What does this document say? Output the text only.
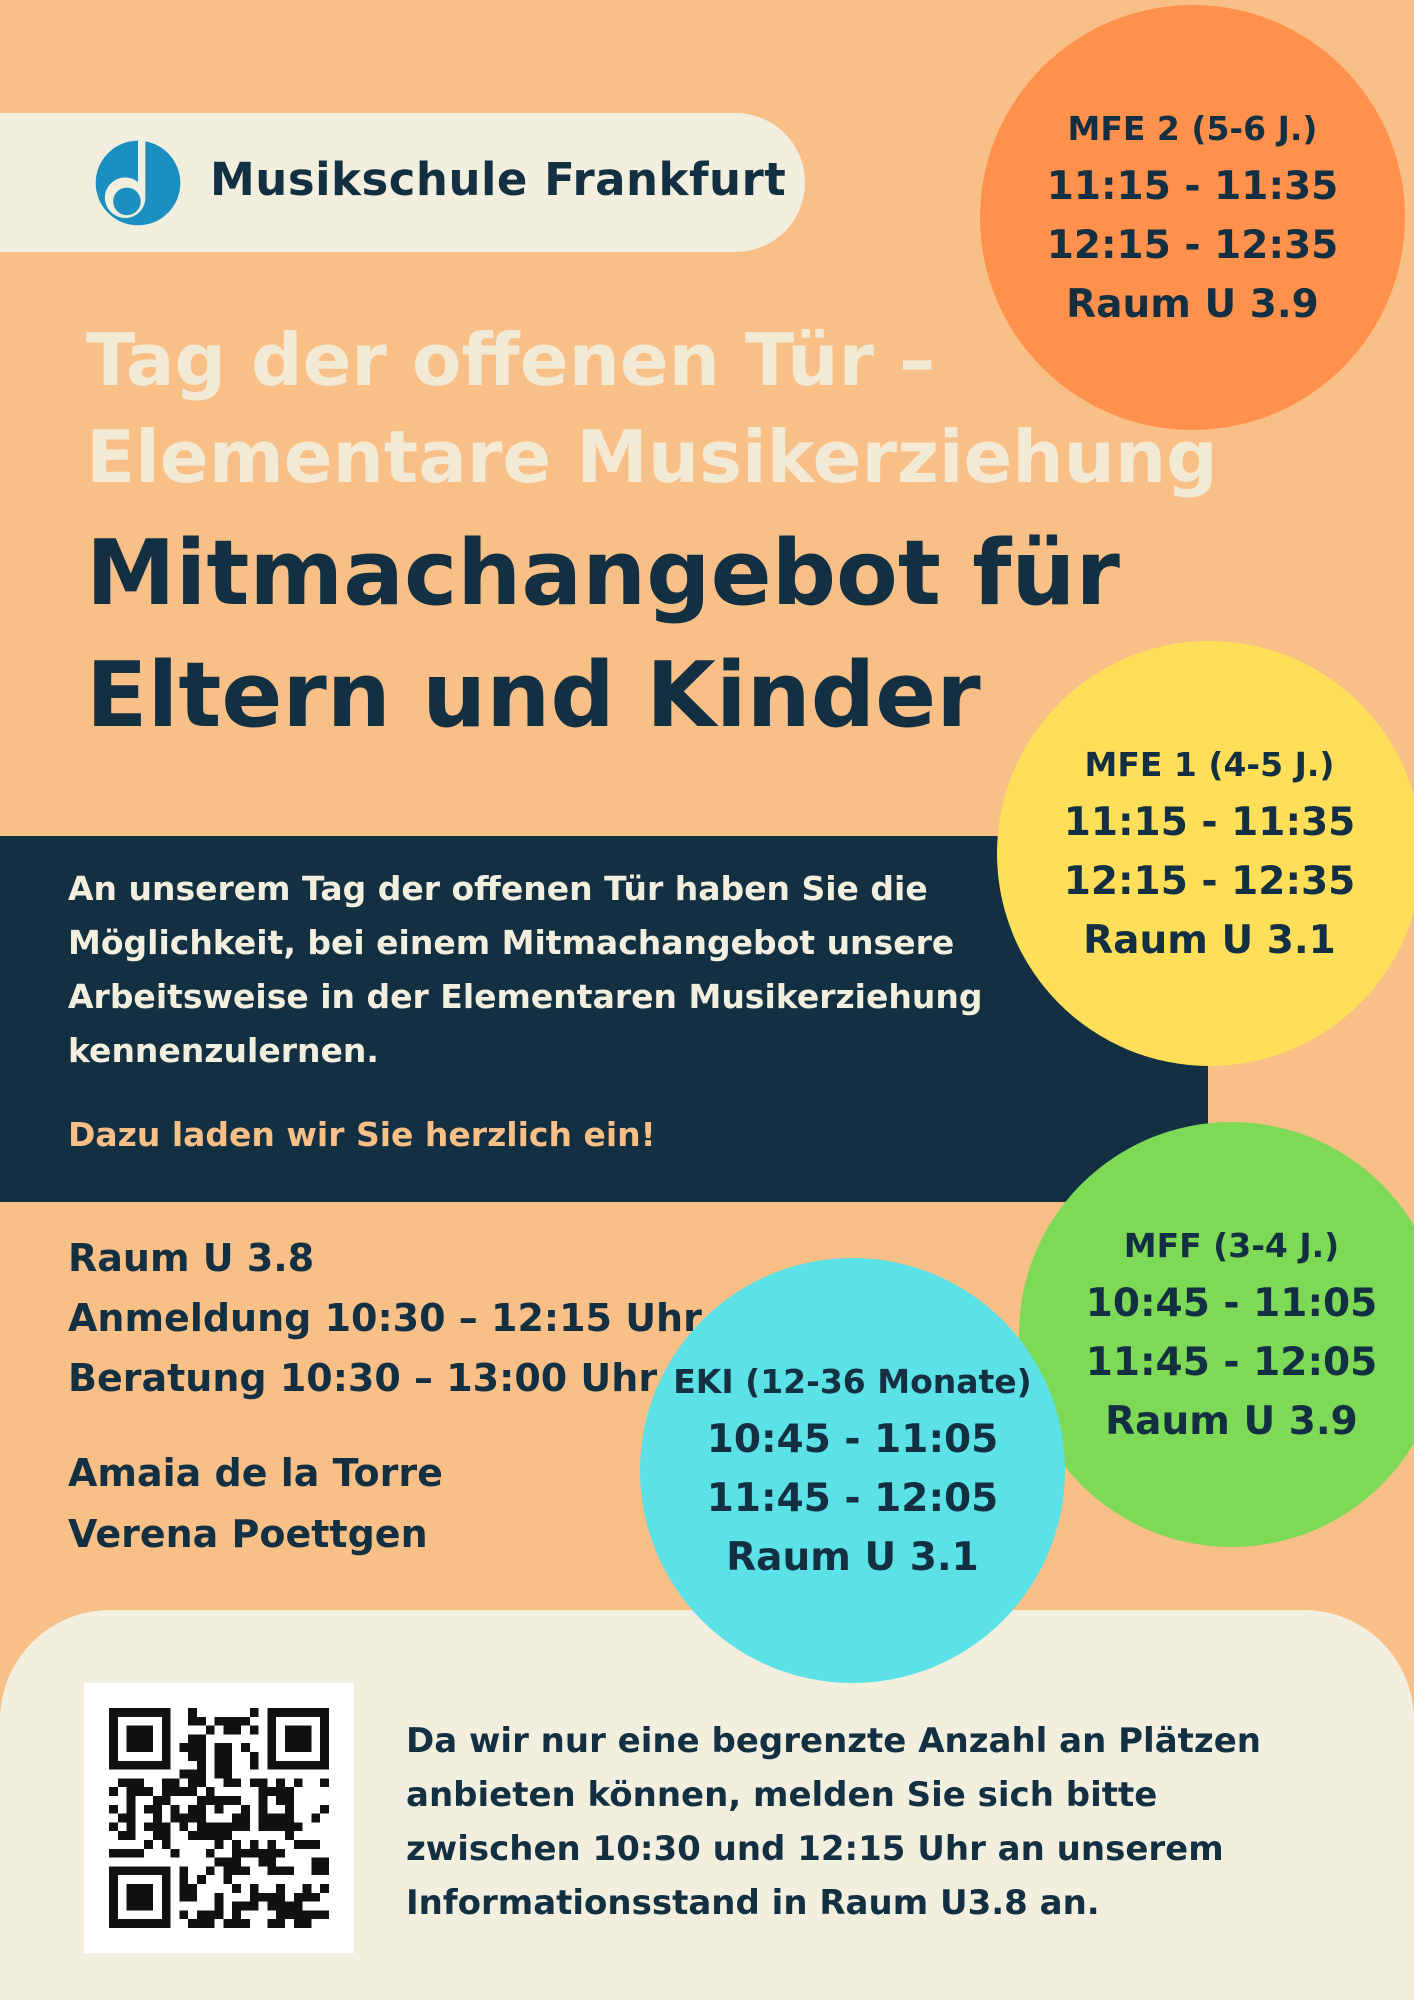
Musikschule Frankfurt
Tag der offenen Tür –
Elementare Musikerziehung
Mitmachangebot für
Eltern und Kinder
An unserem Tag der offenen Tür haben Sie die
Möglichkeit, bei einem Mitmachangebot unsere
Arbeitsweise in der Elementaren Musikerziehung
kennenzulernen.
Dazu laden wir Sie herzlich ein!
Raum U 3.8
Anmeldung 10:30 – 12:15 Uhr
Beratung 10:30 – 13:00 Uhr
Amaia de la Torre
Verena Poettgen
MFE 2 (5-6 J.)
11:15 - 11:35
12:15 - 12:35
Raum U 3.9
MFE 1 (4-5 J.)
11:15 - 11:35
12:15 - 12:35
Raum U 3.1
MFF (3-4 J.)
10:45 - 11:05
11:45 - 12:05
Raum U 3.9
EKI (12-36 Monate)
10:45 - 11:05
11:45 - 12:05
Raum U 3.1
Da wir nur eine begrenzte Anzahl an Plätzen
anbieten können, melden Sie sich bitte
zwischen 10:30 und 12:15 Uhr an unserem
Informationsstand in Raum U3.8 an.
